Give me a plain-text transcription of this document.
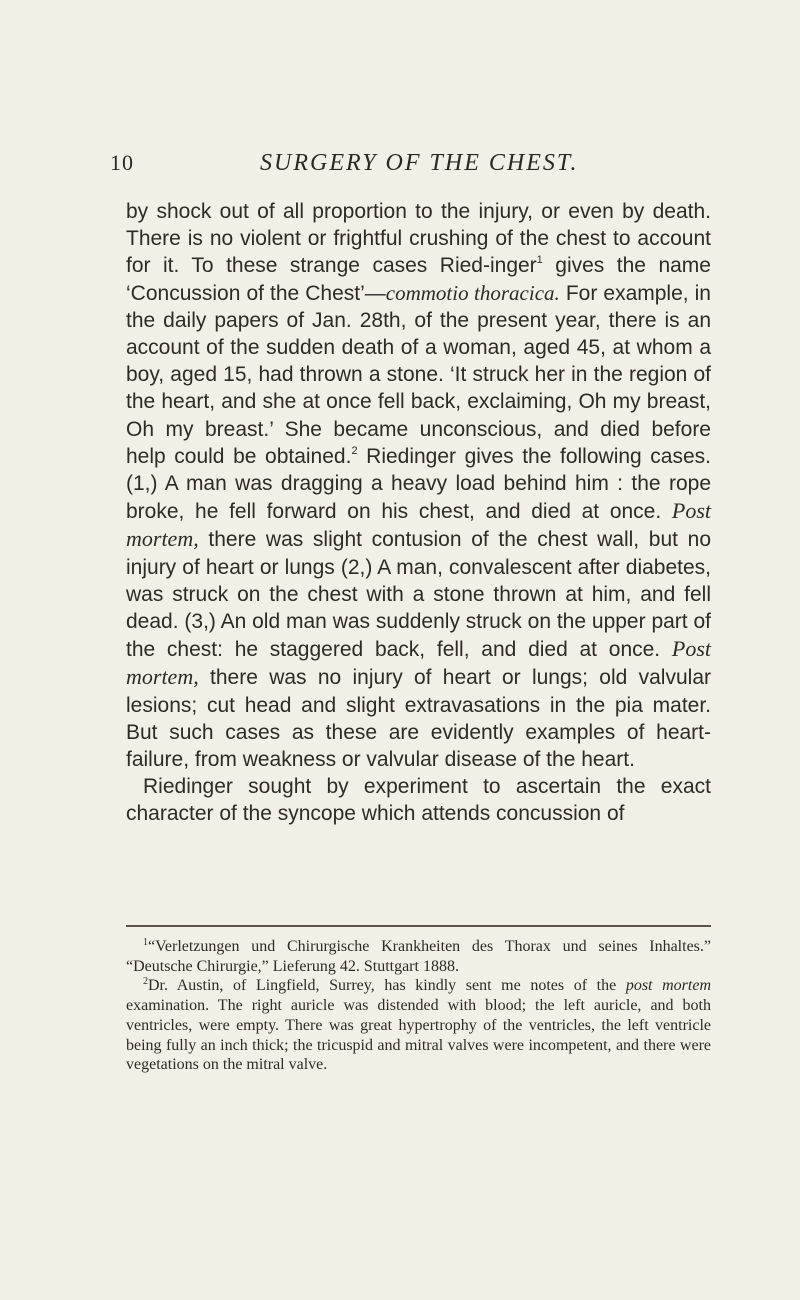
10	SURGERY OF THE CHEST.

by shock out of all proportion to the injury, or even by death. There is no violent or frightful crushing of the chest to account for it. To these strange cases Ried-inger$^1$ gives the name ‘Concussion of the Chest’—commotio thoracica. For example, in the daily papers of Jan. 28th, of the present year, there is an account of the sudden death of a woman, aged 45, at whom a boy, aged 15, had thrown a stone. ‘It struck her in the region of the heart, and she at once fell back, exclaiming, Oh my breast, Oh my breast.’ She became unconscious, and died before help could be obtained.$^2$ Riedinger gives the following cases. (1,) A man was dragging a heavy load behind him : the rope broke, he fell forward on his chest, and died at once. Post mortem, there was slight contusion of the chest wall, but no injury of heart or lungs (2,) A man, convalescent after diabetes, was struck on the chest with a stone thrown at him, and fell dead. (3,) An old man was suddenly struck on the upper part of the chest: he staggered back, fell, and died at once. Post mortem, there was no injury of heart or lungs; old valvular lesions; cut head and slight extravasations in the pia mater. But such cases as these are evidently examples of heart-failure, from weakness or valvular disease of the heart.

Riedinger sought by experiment to ascertain the exact character of the syncope which attends concussion of

$^1$“Verletzungen und Chirurgische Krankheiten des Thorax und seines Inhaltes.” “Deutsche Chirurgie,” Lieferung 42. Stuttgart 1888.

$^2$Dr. Austin, of Lingfield, Surrey, has kindly sent me notes of the post mortem examination. The right auricle was distended with blood; the left auricle, and both ventricles, were empty. There was great hypertrophy of the ventricles, the left ventricle being fully an inch thick; the tricuspid and mitral valves were incompetent, and there were vegetations on the mitral valve.
